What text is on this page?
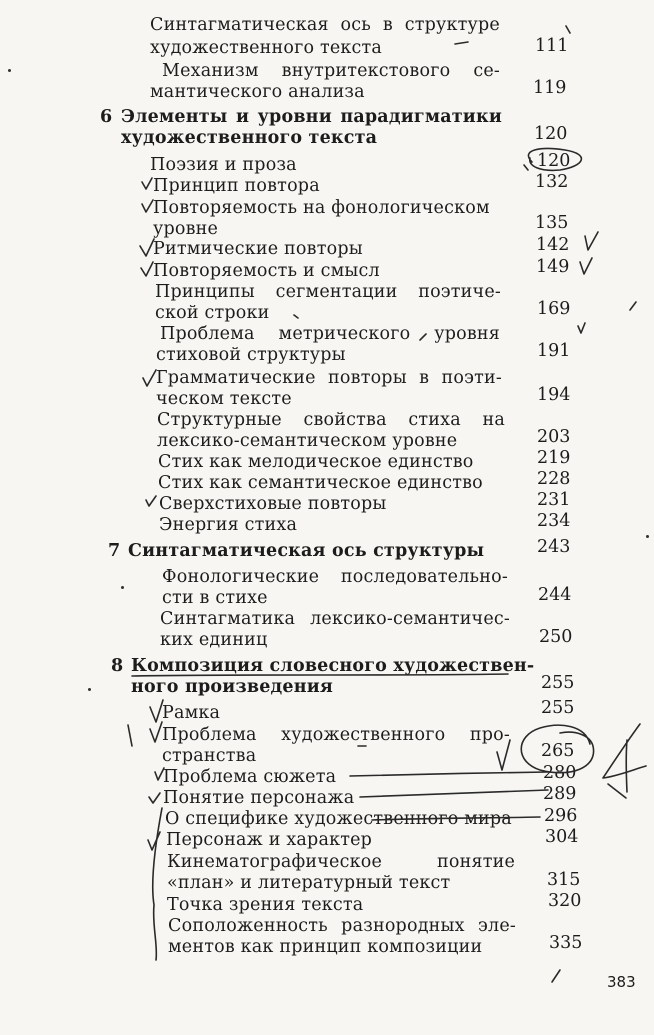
Синтагматическая ось в структуре
художественного текста	111
Механизм внутритекстового се-
мантического анализа	119
6 Элементы и уровни парадигматики
художественного текста	120
Поэзия и проза	120
Принцип повтора	132
Повторяемость на фонологическом
уровне	135
Ритмические повторы	142
Повторяемость и смысл	149
Принципы сегментации поэтиче-
ской строки	169
Проблема метрического уровня
стиховой структуры	191
Грамматические повторы в поэти-
ческом тексте	194
Структурные свойства стиха на
лексико-семантическом уровне	203
Стих как мелодическое единство	219
Стих как семантическое единство	228
Сверхстиховые повторы	231
Энергия стиха	234
7 Синтагматическая ось структуры	243
Фонологические последовательно-
сти в стихе	244
Синтагматика лексико-семантичес-
ких единиц	250
8 Композиция словесного художествен-
ного произведения	255
Рамка	255
Проблема художественного про-
странства	265
Проблема сюжета	280
Понятие персонажа	289
О специфике художественного мира 296
Персонаж и характер	304
Кинематографическое понятие
«план» и литературный текст	315
Точка зрения текста	320
Соположенность разнородных эле-
ментов как принцип композиции	335
383
